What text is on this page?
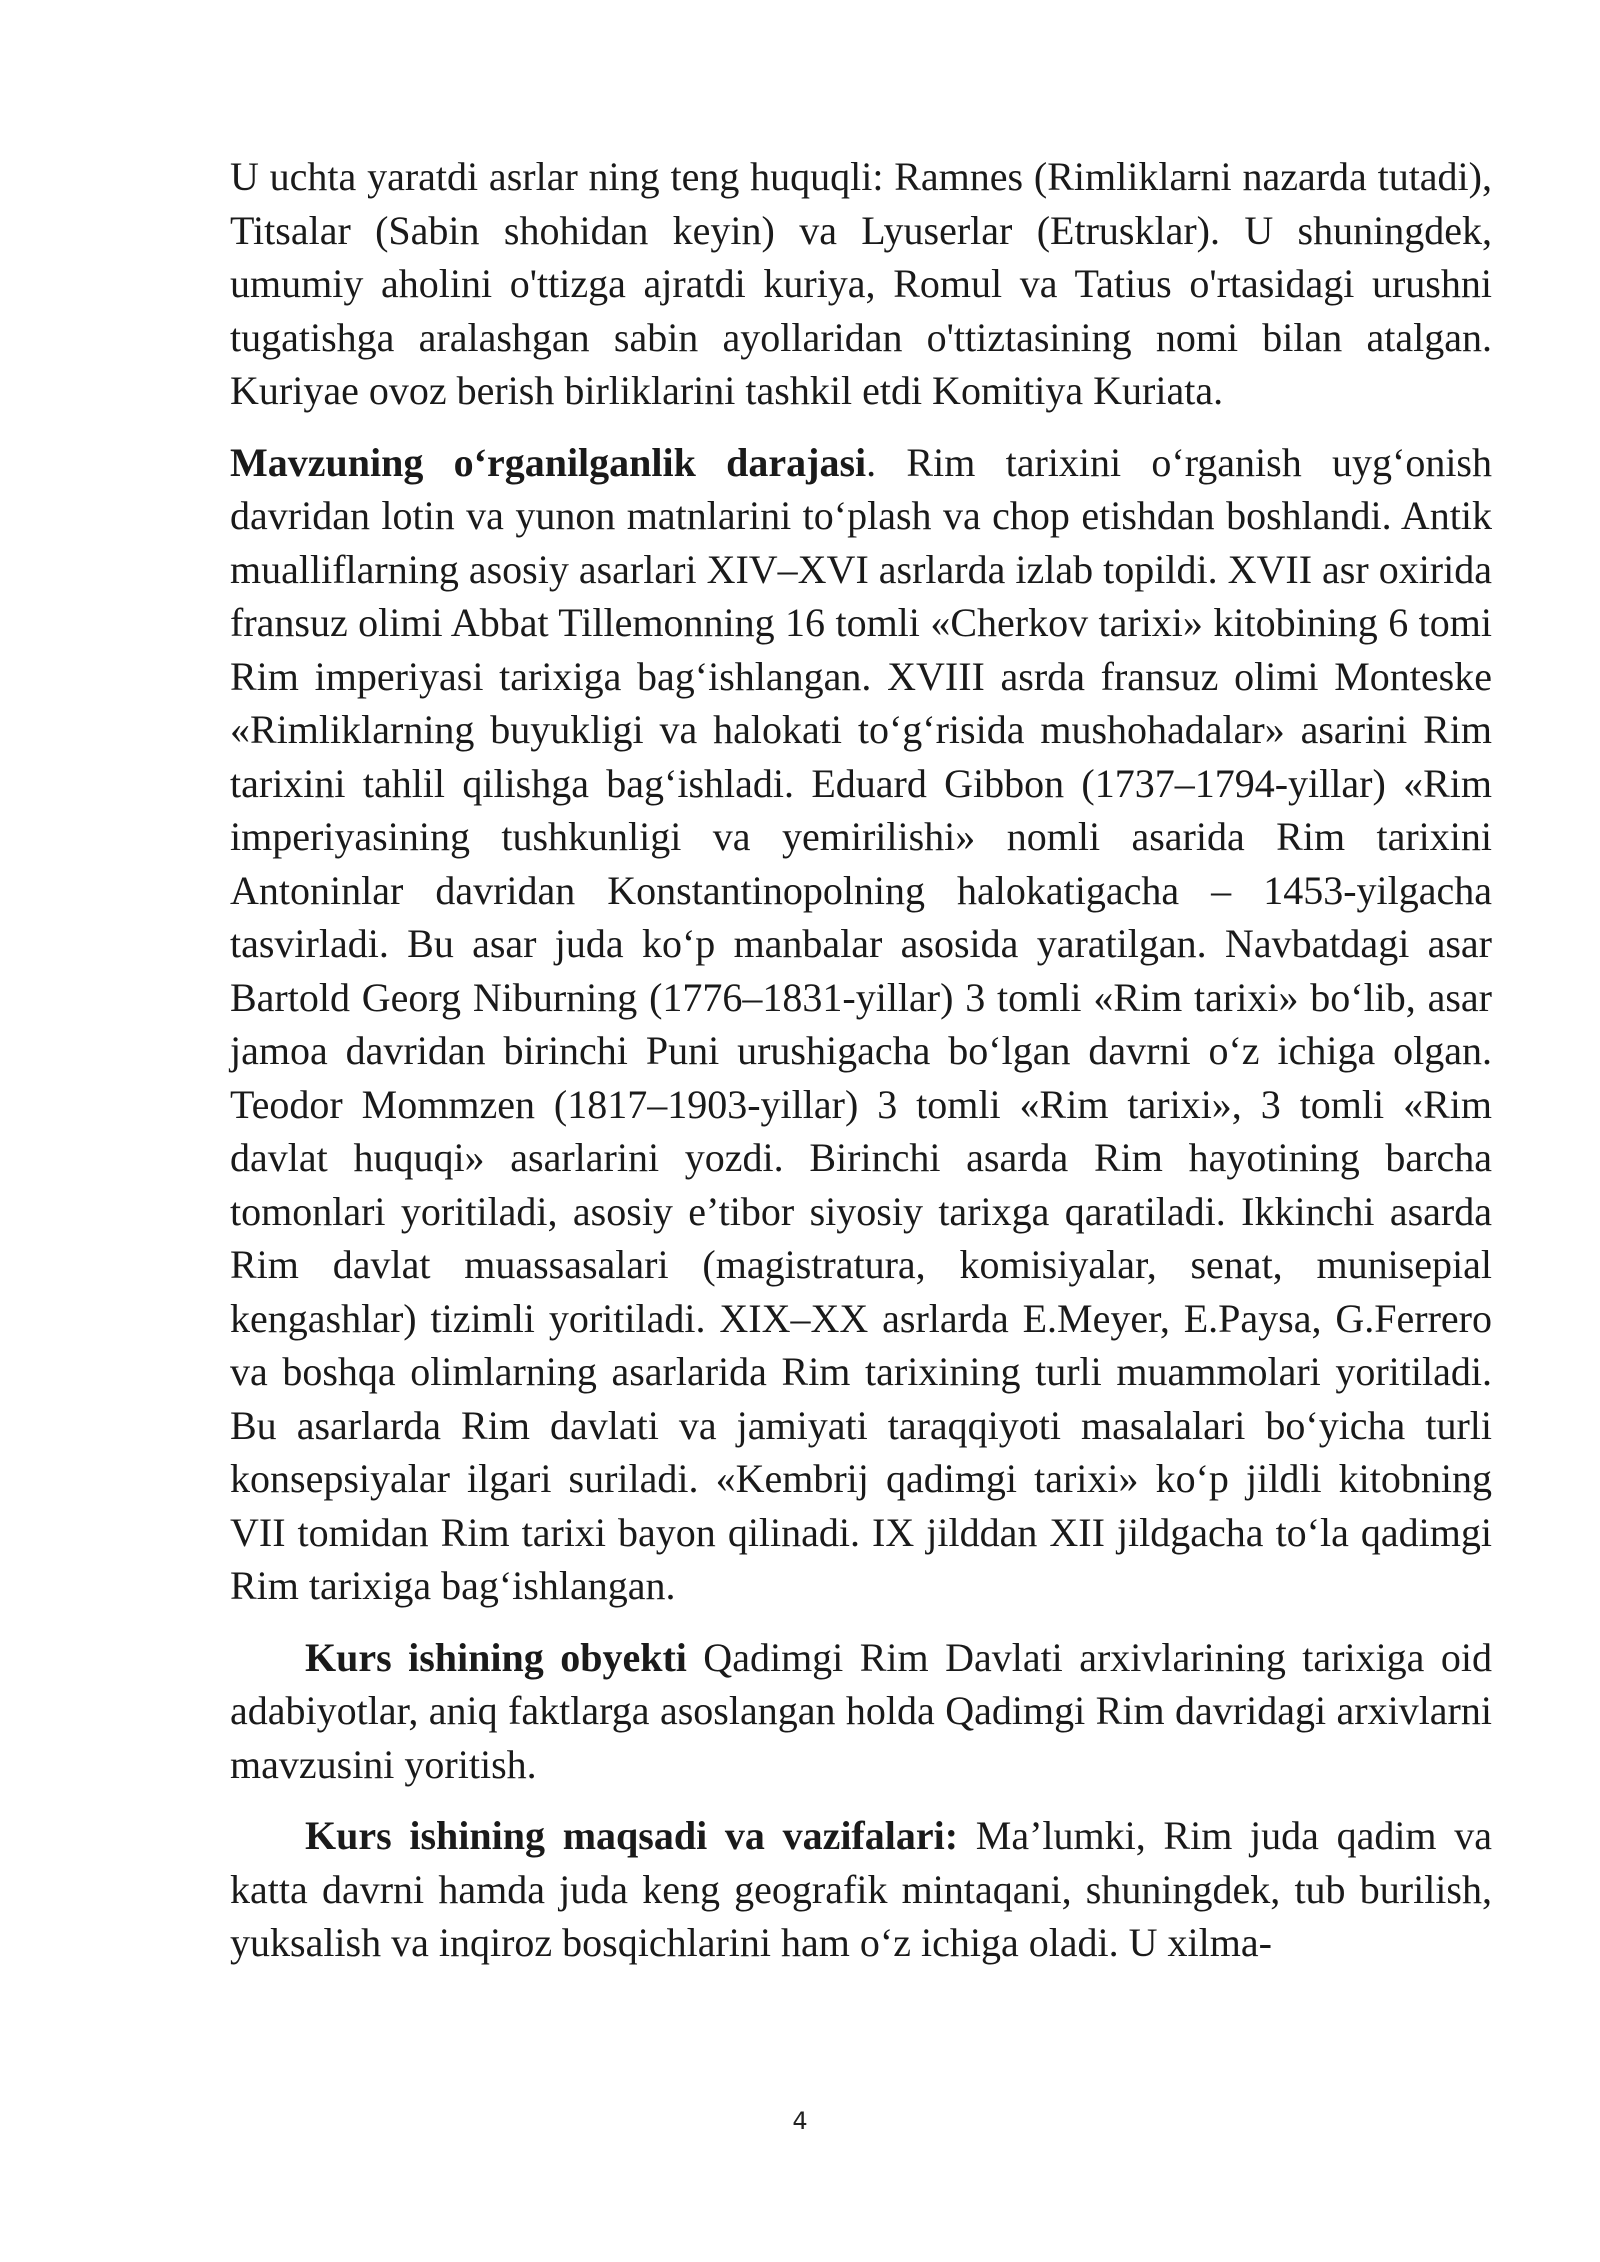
U uchta yaratdi asrlar ning teng huquqli: Ramnes (Rimliklarni nazarda tutadi), Titsalar (Sabin shohidan keyin) va Lyuserlar (Etrusklar). U shuningdek, umumiy aholini o'ttizga ajratdi kuriya, Romul va Tatius o'rtasidagi urushni tugatishga aralashgan sabin ayollaridan o'ttiztasining nomi bilan atalgan. Kuriyae ovoz berish birliklarini tashkil etdi Komitiya Kuriata.

Mavzuning o‘rganilganlik darajasi. Rim tarixini o‘rganish uyg‘onish davridan lotin va yunon matnlarini to‘plash va chop etishdan boshlandi. Antik mualliflarning asosiy asarlari XIV–XVI asrlarda izlab topildi. XVII asr oxirida fransuz olimi Abbat Tillemonning 16 tomli «Cherkov tarixi» kitobining 6 tomi Rim imperiyasi tarixiga bag‘ishlangan. XVIII asrda fransuz olimi Monteske «Rimliklarning buyukligi va halokati to‘g‘risida mushohadalar» asarini Rim tarixini tahlil qilishga bag‘ishladi. Eduard Gibbon (1737–1794-yillar) «Rim imperiyasining tushkunligi va yemirilishi» nomli asarida Rim tarixini Antoninlar davridan Konstantinopolning halokatigacha – 1453-yilgacha tasvirladi. Bu asar juda ko‘p manbalar asosida yaratilgan. Navbatdagi asar Bartold Georg Niburning (1776–1831-yillar) 3 tomli «Rim tarixi» bo‘lib, asar jamoa davridan birinchi Puni urushigacha bo‘lgan davrni o‘z ichiga olgan. Teodor Mommzen (1817–1903-yillar) 3 tomli «Rim tarixi», 3 tomli «Rim davlat huquqi» asarlarini yozdi. Birinchi asarda Rim hayotining barcha tomonlari yoritiladi, asosiy e’tibor siyosiy tarixga qaratiladi. Ikkinchi asarda Rim davlat muassasalari (magistratura, komisiyalar, senat, munisepial kengashlar) tizimli yoritiladi. XIX–XX asrlarda E.Meyer, E.Paysa, G.Ferrero va boshqa olimlarning asarlarida Rim tarixining turli muammolari yoritiladi. Bu asarlarda Rim davlati va jamiyati taraqqiyoti masalalari bo‘yicha turli konsepsiyalar ilgari suriladi. «Kembrij qadimgi tarixi» ko‘p jildli kitobning VII tomidan Rim tarixi bayon qilinadi. IX jilddan XII jildgacha to‘la qadimgi Rim tarixiga bag‘ishlangan.

Kurs ishining obyekti Qadimgi Rim Davlati arxivlarining tarixiga oid adabiyotlar, aniq faktlarga asoslangan holda Qadimgi Rim davridagi arxivlarni mavzusini yoritish.

Kurs ishining maqsadi va vazifalari: Ma’lumki, Rim juda qadim va katta davrni hamda juda keng geografik mintaqani, shuningdek, tub burilish, yuksalish va inqiroz bosqichlarini ham o‘z ichiga oladi. U xilma-

4
